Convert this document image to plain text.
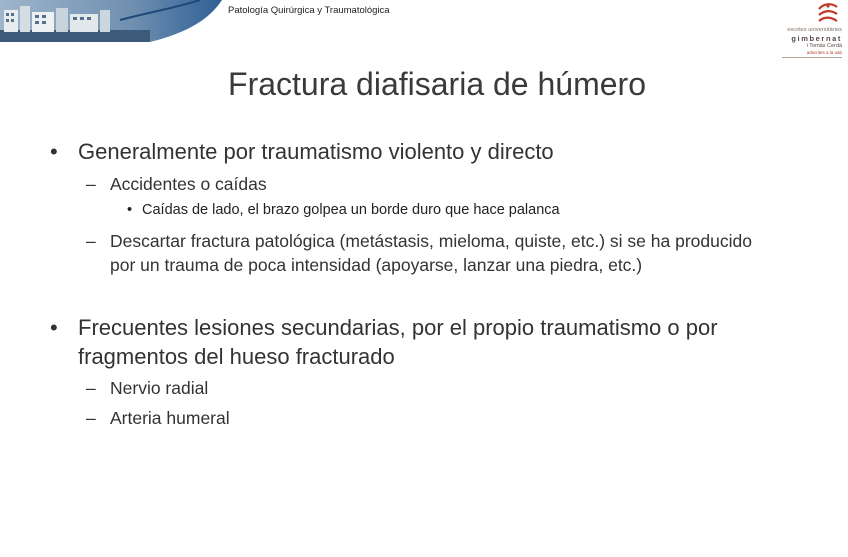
Patología Quirúrgica y Traumatológica
escoles universitàries
gimbernat
i Tomàs Cerdà
adscrites a la uab
Fractura diafisaria de húmero
• Generalmente por traumatismo violento y directo
– Accidentes o caídas
• Caídas de lado, el brazo golpea un borde duro que hace palanca
– Descartar fractura patológica (metástasis, mieloma, quiste, etc.) si se ha producido
por un trauma de poca intensidad (apoyarse, lanzar una piedra, etc.)
• Frecuentes lesiones secundarias, por el propio traumatismo o por
fragmentos del hueso fracturado
– Nervio radial
– Arteria humeral
